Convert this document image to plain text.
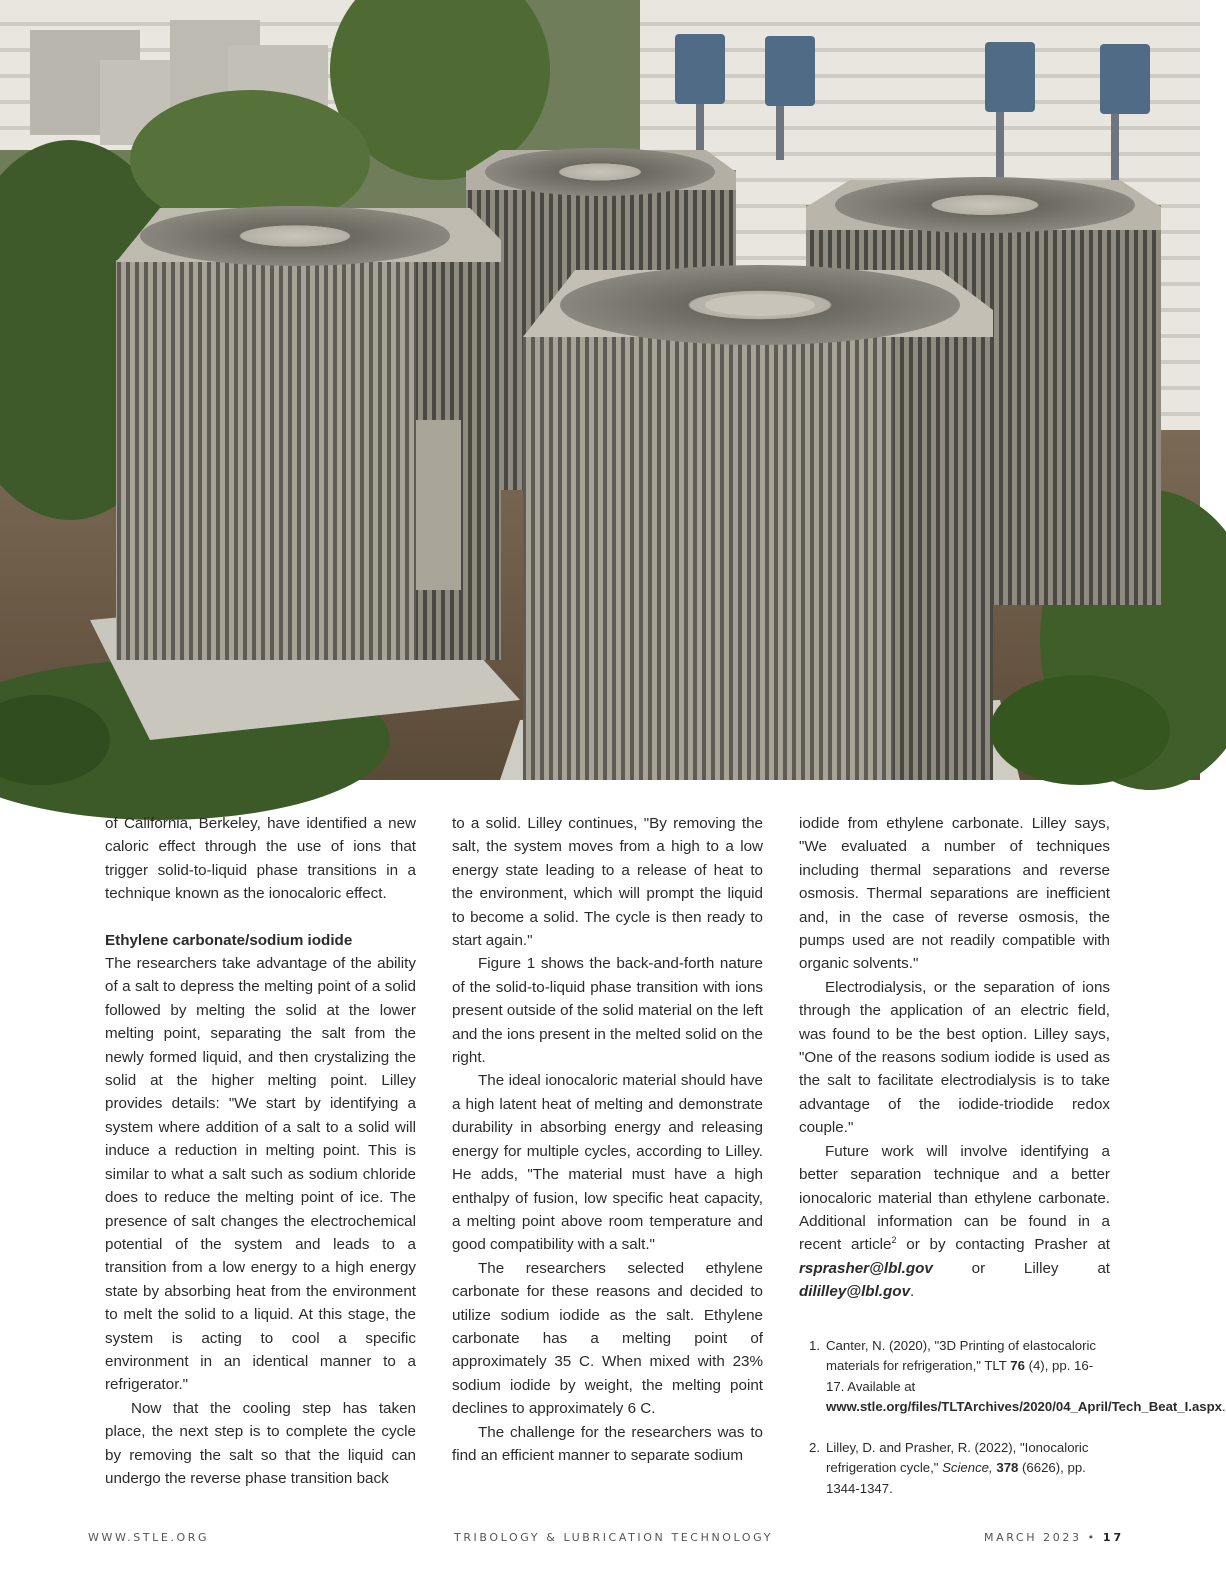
of California, Berkeley, have identified a new caloric effect through the use of ions that trigger solid-to-liquid phase transitions in a technique known as the ionocaloric effect.

Ethylene carbonate/sodium iodide

The researchers take advantage of the ability of a salt to depress the melting point of a solid followed by melting the solid at the lower melting point, separating the salt from the newly formed liquid, and then crystalizing the solid at the higher melting point. Lilley provides details: "We start by identifying a system where addition of a salt to a solid will induce a reduction in melting point. This is similar to what a salt such as sodium chloride does to reduce the melting point of ice. The presence of salt changes the electrochemical potential of the system and leads to a transition from a low energy to a high energy state by absorbing heat from the environment to melt the solid to a liquid. At this stage, the system is acting to cool a specific environment in an identical manner to a refrigerator."

Now that the cooling step has taken place, the next step is to complete the cycle by removing the salt so that the liquid can undergo the reverse phase transition back

to a solid. Lilley continues, "By removing the salt, the system moves from a high to a low energy state leading to a release of heat to the environment, which will prompt the liquid to become a solid. The cycle is then ready to start again."

Figure 1 shows the back-and-forth nature of the solid-to-liquid phase transition with ions present outside of the solid material on the left and the ions present in the melted solid on the right.

The ideal ionocaloric material should have a high latent heat of melting and demonstrate durability in absorbing energy and releasing energy for multiple cycles, according to Lilley. He adds, "The material must have a high enthalpy of fusion, low specific heat capacity, a melting point above room temperature and good compatibility with a salt."

The researchers selected ethylene carbonate for these reasons and decided to utilize sodium iodide as the salt. Ethylene carbonate has a melting point of approximately 35 C. When mixed with 23% sodium iodide by weight, the melting point declines to approximately 6 C.

The challenge for the researchers was to find an efficient manner to separate sodium

iodide from ethylene carbonate. Lilley says, "We evaluated a number of techniques including thermal separations and reverse osmosis. Thermal separations are inefficient and, in the case of reverse osmosis, the pumps used are not readily compatible with organic solvents."

Electrodialysis, or the separation of ions through the application of an electric field, was found to be the best option. Lilley says, "One of the reasons sodium iodide is used as the salt to facilitate electrodialysis is to take advantage of the iodide-triodide redox couple."

Future work will involve identifying a better separation technique and a better ionocaloric material than ethylene carbonate. Additional information can be found in a recent article$^2$ or by contacting Prasher at rsprasher@lbl.gov or Lilley at dililley@lbl.gov.

1. Canter, N. (2020), "3D Printing of elastocaloric materials for refrigeration," TLT 76 (4), pp. 16-17. Available at www.stle.org/files/TLTArchives/2020/04_April/Tech_Beat_I.aspx.
2. Lilley, D. and Prasher, R. (2022), "Ionocaloric refrigeration cycle," Science, 378 (6626), pp. 1344-1347.
WWW.STLE.ORG	TRIBOLOGY & LUBRICATION TECHNOLOGY	MARCH 2023 • 17
